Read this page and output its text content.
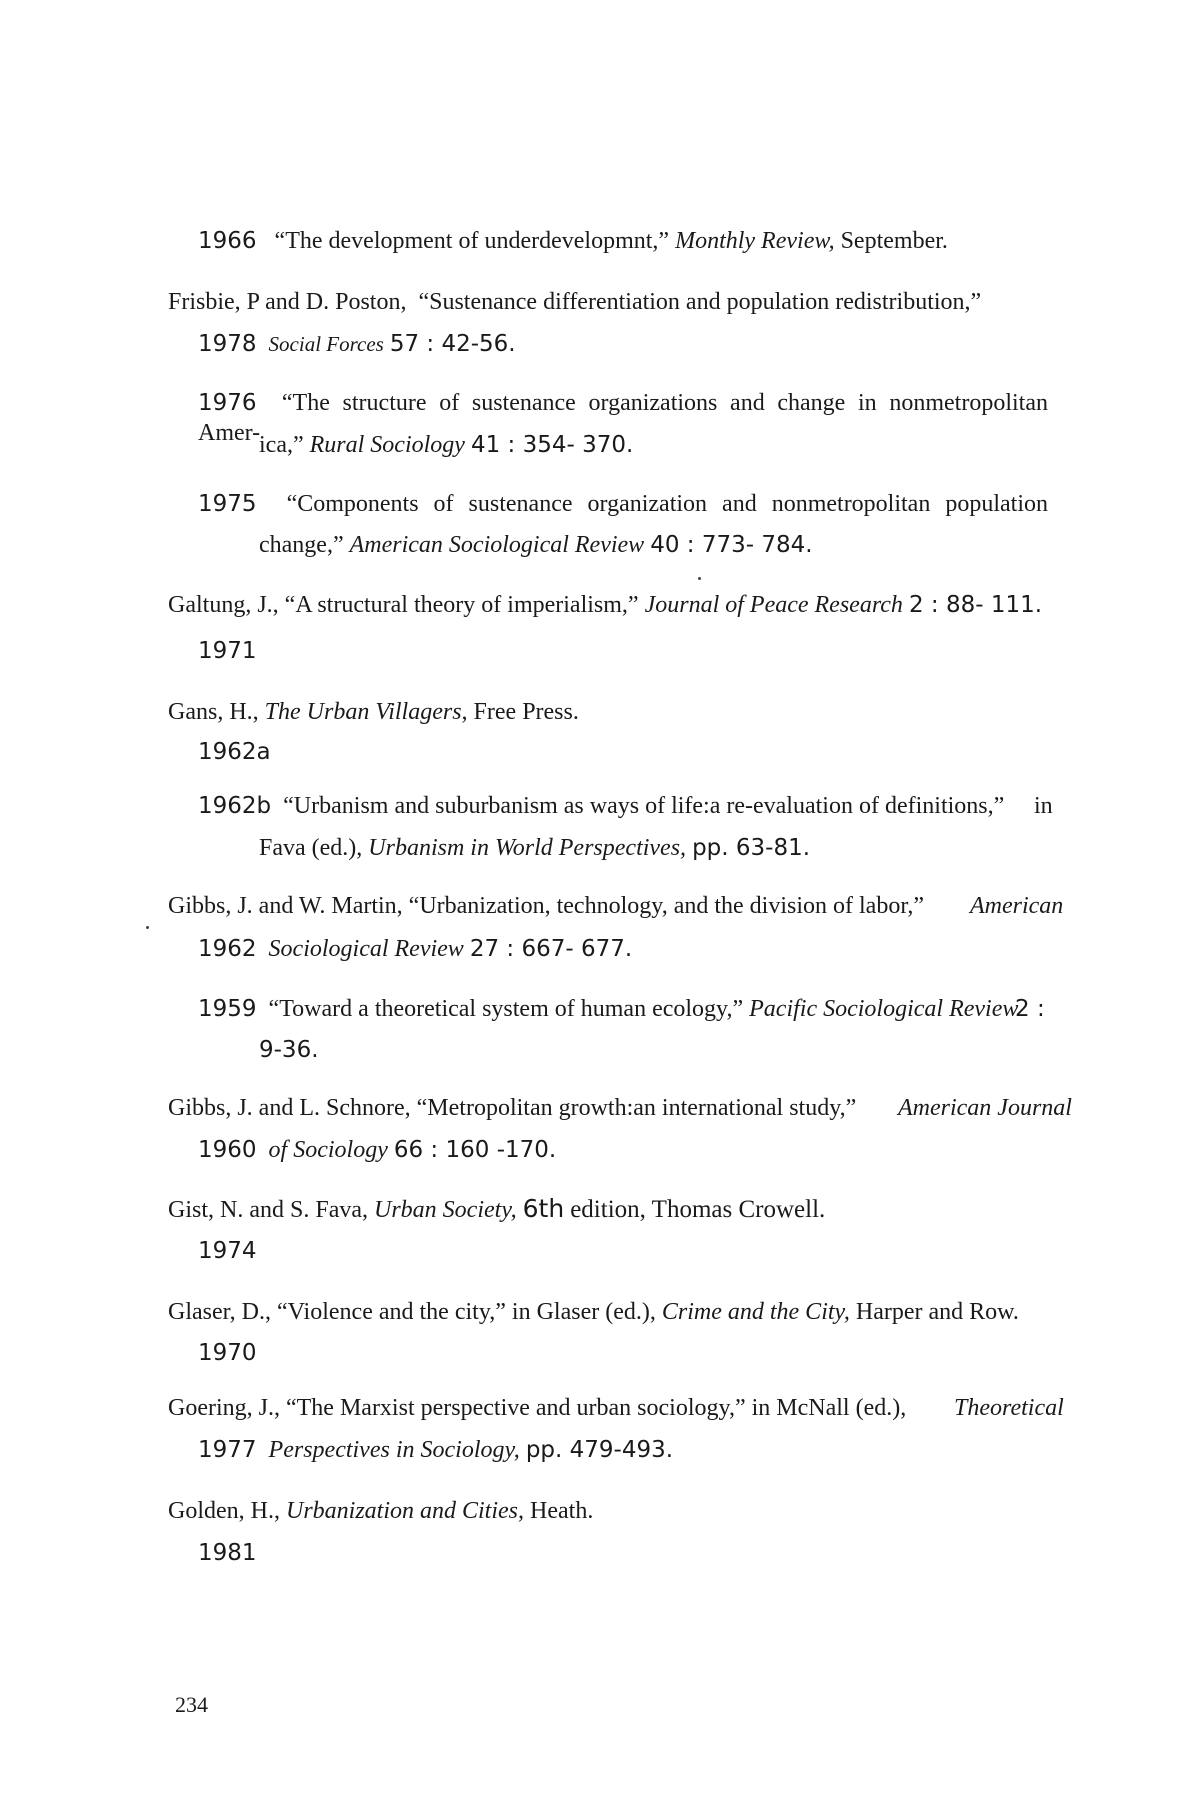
1966 “The development of underdevelopmnt,” Monthly Review, September.
Frisbie, P and D. Poston, “Sustenance differentiation and population redistribution,”
1978 Social Forces 57 : 42-56.
1976 “The structure of sustenance organizations and change in nonmetropolitan Amer-
ica,” Rural Sociology 41 : 354- 370.
1975 “Components of sustenance organization and nonmetropolitan population
change,” American Sociological Review 40 : 773- 784.
Galtung, J., “A structural theory of imperialism,” Journal of Peace Research 2 : 88- 111.
1971
Gans, H., The Urban Villagers, Free Press.
1962a
1962b “Urbanism and suburbanism as ways of life:a re-evaluation of definitions,” in
Fava (ed.), Urbanism in World Perspectives, pp. 63-81.
Gibbs, J. and W. Martin, “Urbanization, technology, and the division of labor,” American
1962 Sociological Review 27 : 667- 677.
1959 “Toward a theoretical system of human ecology,” Pacific Sociological Review
2 :
9-36.
Gibbs, J. and L. Schnore, “Metropolitan growth:an international study,” American Journal
1960 of Sociology 66 : 160 -170.
Gist, N. and S. Fava, Urban Society, 6th edition, Thomas Crowell.
1974
Glaser, D., “Violence and the city,” in Glaser (ed.), Crime and the City, Harper and Row.
1970
Goering, J., “The Marxist perspective and urban sociology,” in McNall (ed.), Theoretical
1977 Perspectives in Sociology, pp. 479-493.
Golden, H., Urbanization and Cities, Heath.
1981
234
